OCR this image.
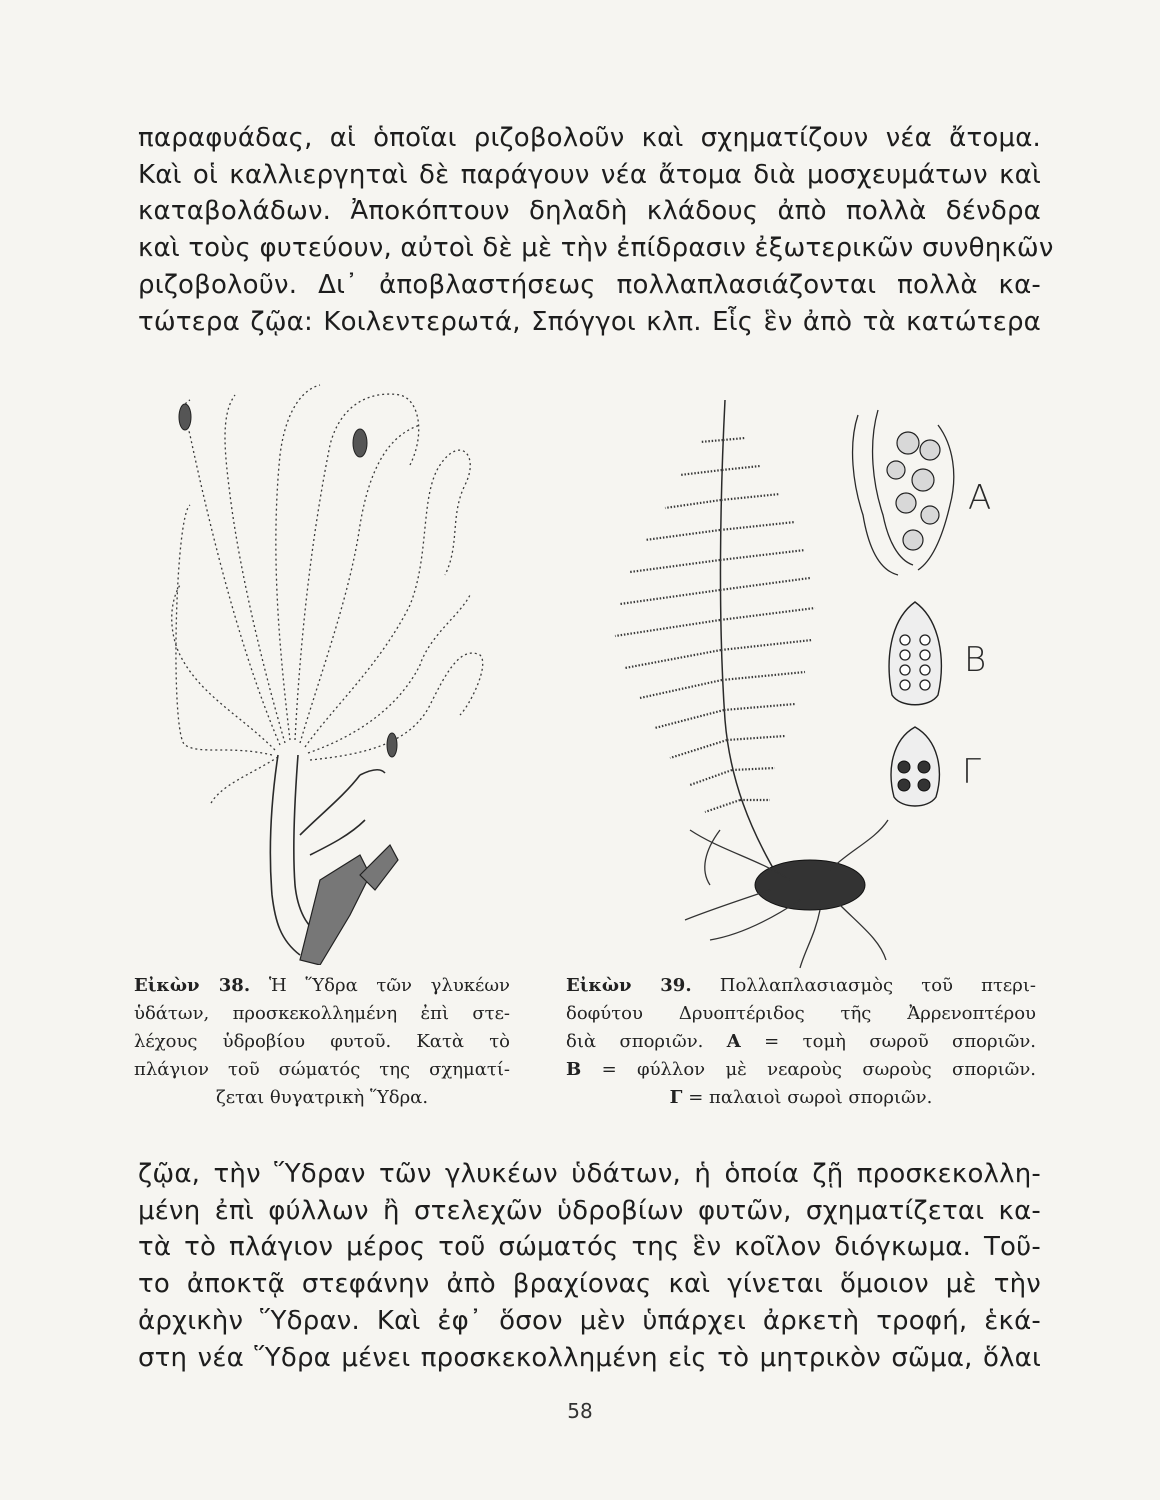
παραφυάδας, αἱ ὁποῖαι ριζοβολοῦν καὶ σχηματίζουν νέα ἄτομα.
Καὶ οἱ καλλιεργηταὶ δὲ παράγουν νέα ἄτομα διὰ μοσχευμάτων καὶ
καταβολάδων. Ἀποκόπτουν δηλαδὴ κλάδους ἀπὸ πολλὰ δένδρα
καὶ τοὺς φυτεύουν, αὐτοὶ δὲ μὲ τὴν ἐπίδρασιν ἐξωτερικῶν συνθηκῶν
ριζοβολοῦν. Δι᾽ ἀποβλαστήσεως πολλαπλασιάζονται πολλὰ κα-
τώτερα ζῷα: Κοιλεντερωτά, Σπόγγοι κλπ. Εἷς ἓν ἀπὸ τὰ κατώτερα
Α
Β
Γ
Εἰκὼν 38. Ἡ Ὕδρα τῶν γλυκέων
ὑδάτων, προσκεκολλημένη ἐπὶ στε-
λέχους ὑδροβίου φυτοῦ. Κατὰ τὸ
πλάγιον τοῦ σώματός της σχηματί-
ζεται θυγατρικὴ Ὕδρα.
Εἰκὼν 39. Πολλαπλασιασμὸς τοῦ πτερι-
δοφύτου Δρυοπτέριδος τῆς Ἀρρενοπτέρου
διὰ σποριῶν. Α = τομὴ σωροῦ σποριῶν.
Β = φύλλον μὲ νεαροὺς σωροὺς σποριῶν.
Γ = παλαιοὶ σωροὶ σποριῶν.
ζῷα, τὴν Ὕδραν τῶν γλυκέων ὑδάτων, ἡ ὁποία ζῇ προσκεκολλη-
μένη ἐπὶ φύλλων ἢ στελεχῶν ὑδροβίων φυτῶν, σχηματίζεται κα-
τὰ τὸ πλάγιον μέρος τοῦ σώματός της ἓν κοῖλον διόγκωμα. Τοῦ-
το ἀποκτᾷ στεφάνην ἀπὸ βραχίονας καὶ γίνεται ὅμοιον μὲ τὴν
ἀρχικὴν Ὕδραν. Καὶ ἐφ᾽ ὅσον μὲν ὑπάρχει ἀρκετὴ τροφή, ἑκά-
στη νέα Ὕδρα μένει προσκεκολλημένη εἰς τὸ μητρικὸν σῶμα, ὅλαι
58
